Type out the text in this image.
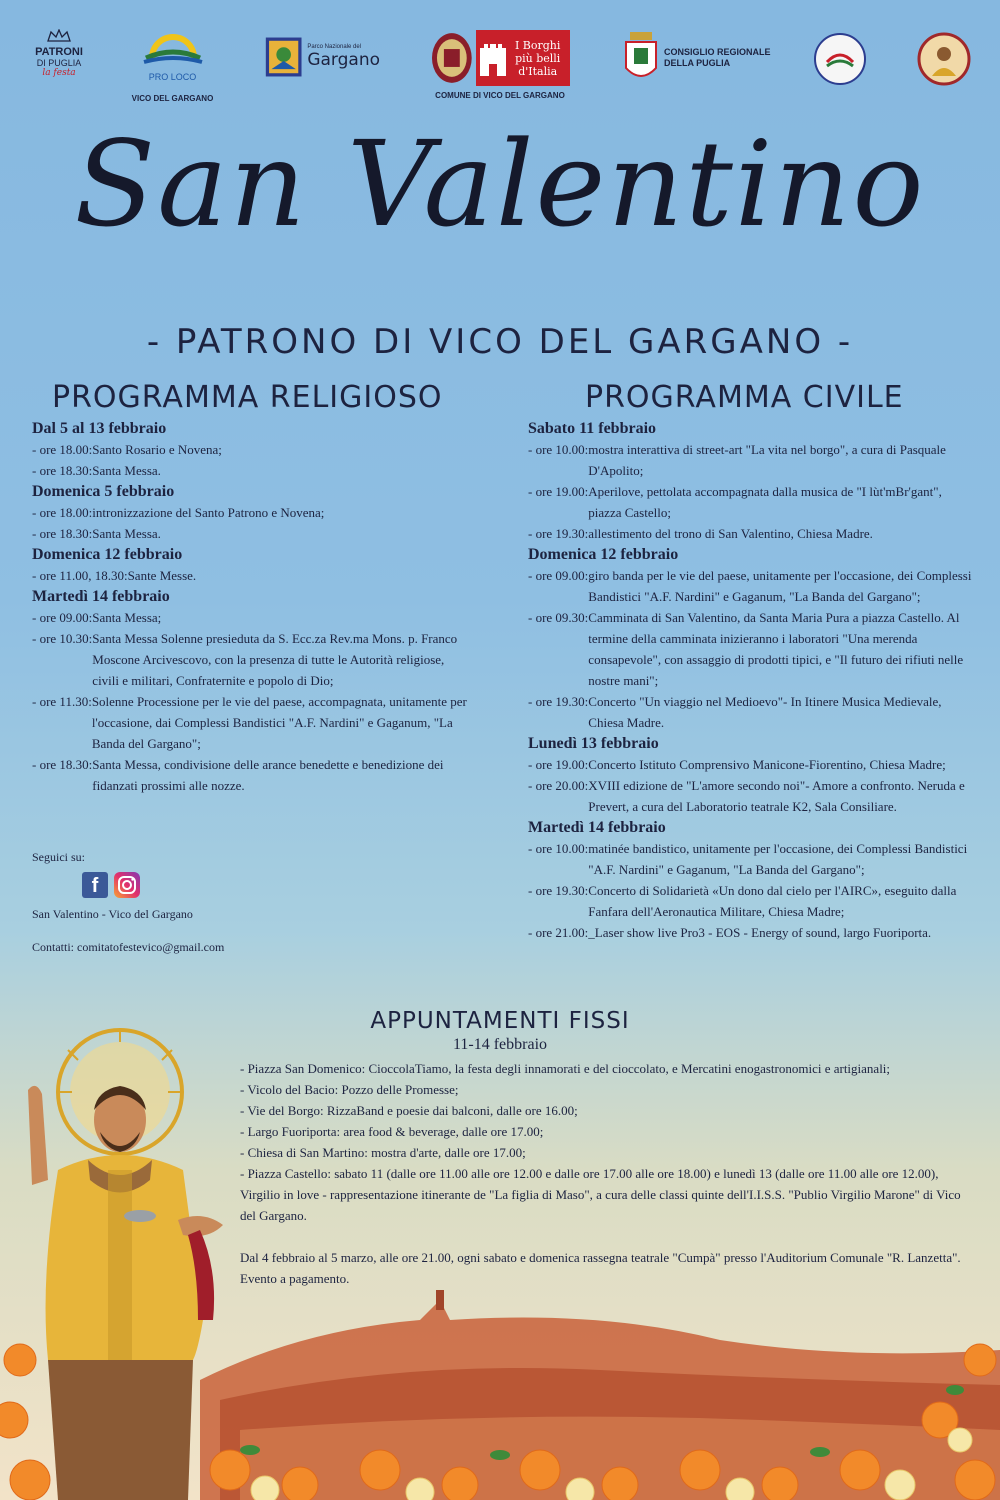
PATRONI
DI PUGLIA
la festa	PRO LOCO
VICO DEL GARGANO
Parco Nazionale del
Gargano
I Borghi più belli d'Italia
COMUNE DI VICO DEL GARGANO
CONSIGLIO REGIONALE
DELLA PUGLIA
San Valentino
- PATRONO DI VICO DEL GARGANO -
PROGRAMMA RELIGIOSO	PROGRAMMA CIVILE
Dal 5 al 13 febbraio
- ore 18.00: Santo Rosario e Novena;
- ore 18.30: Santa Messa.
Domenica 5 febbraio
- ore 18.00: intronizzazione del Santo Patrono e Novena;
- ore 18.30: Santa Messa.
Domenica 12 febbraio
- ore 11.00, 18.30: Sante Messe.
Martedì 14 febbraio
- ore 09.00: Santa Messa;
- ore 10.30: Santa Messa Solenne presieduta da S. Ecc.za Rev.ma Mons. p. Franco Moscone Arcivescovo, con la presenza di tutte le Autorità religiose, civili e militari, Confraternite e popolo di Dio;
- ore 11.30: Solenne Processione per le vie del paese, accompagnata, unitamente per l'occasione, dai Complessi Bandistici "A.F. Nardini" e Gaganum, "La Banda del Gargano";
- ore 18.30: Santa Messa, condivisione delle arance benedette e benedizione dei fidanzati prossimi alle nozze.
Sabato 11 febbraio
- ore 10.00: mostra interattiva di street-art "La vita nel borgo", a cura di Pasquale D'Apolito;
- ore 19.00: Aperilove, pettolata accompagnata dalla musica de "I lùt'mBr'gant", piazza Castello;
- ore 19.30: allestimento del trono di San Valentino, Chiesa Madre.
Domenica 12 febbraio
- ore 09.00: giro banda per le vie del paese, unitamente per l'occasione, dei Complessi Bandistici "A.F. Nardini" e Gaganum, "La Banda del Gargano";
- ore 09.30: Camminata di San Valentino, da Santa Maria Pura a piazza Castello. Al termine della camminata inizieranno i laboratori "Una merenda consapevole", con assaggio di prodotti tipici, e "Il futuro dei rifiuti nelle nostre mani";
- ore 19.30: Concerto "Un viaggio nel Medioevo"- In Itinere Musica Medievale, Chiesa Madre.
Lunedì 13 febbraio
- ore 19.00: Concerto Istituto Comprensivo Manicone-Fiorentino, Chiesa Madre;
- ore 20.00: XVIII edizione de "L'amore secondo noi"- Amore a confronto. Neruda e Prevert, a cura del Laboratorio teatrale K2, Sala Consiliare.
Martedì 14 febbraio
- ore 10.00: matinée bandistico, unitamente per l'occasione, dei Complessi Bandistici "A.F. Nardini" e Gaganum, "La Banda del Gargano";
- ore 19.30: Concerto di Solidarietà «Un dono dal cielo per l'AIRC», eseguito dalla Fanfara dell'Aeronautica Militare, Chiesa Madre;
- ore 21.00: _Laser show live Pro3 - EOS - Energy of sound, largo Fuoriporta.
Seguici su:
f
San Valentino - Vico del Gargano
Contatti: comitatofestevico@gmail.com
APPUNTAMENTI FISSI
11-14 febbraio

- Piazza San Domenico: CioccolaTiamo, la festa degli innamorati e del cioccolato, e Mercatini enogastronomici e artigianali;

- Vicolo del Bacio: Pozzo delle Promesse;

- Vie del Borgo: RizzaBand e poesie dai balconi, dalle ore 16.00;

- Largo Fuoriporta: area food & beverage, dalle ore 17.00;

- Chiesa di San Martino: mostra d'arte, dalle ore 17.00;

- Piazza Castello: sabato 11 (dalle ore 11.00 alle ore 12.00 e dalle ore 17.00 alle ore 18.00) e lunedì 13 (dalle ore 11.00 alle ore 12.00), Virgilio in love - rappresentazione itinerante de "La figlia di Maso", a cura delle classi quinte dell'I.I.S.S. "Publio Virgilio Marone" di Vico del Gargano.

Dal 4 febbraio al 5 marzo, alle ore 21.00, ogni sabato e domenica rassegna teatrale "Cumpà" presso l'Auditorium Comunale "R. Lanzetta". Evento a pagamento.
